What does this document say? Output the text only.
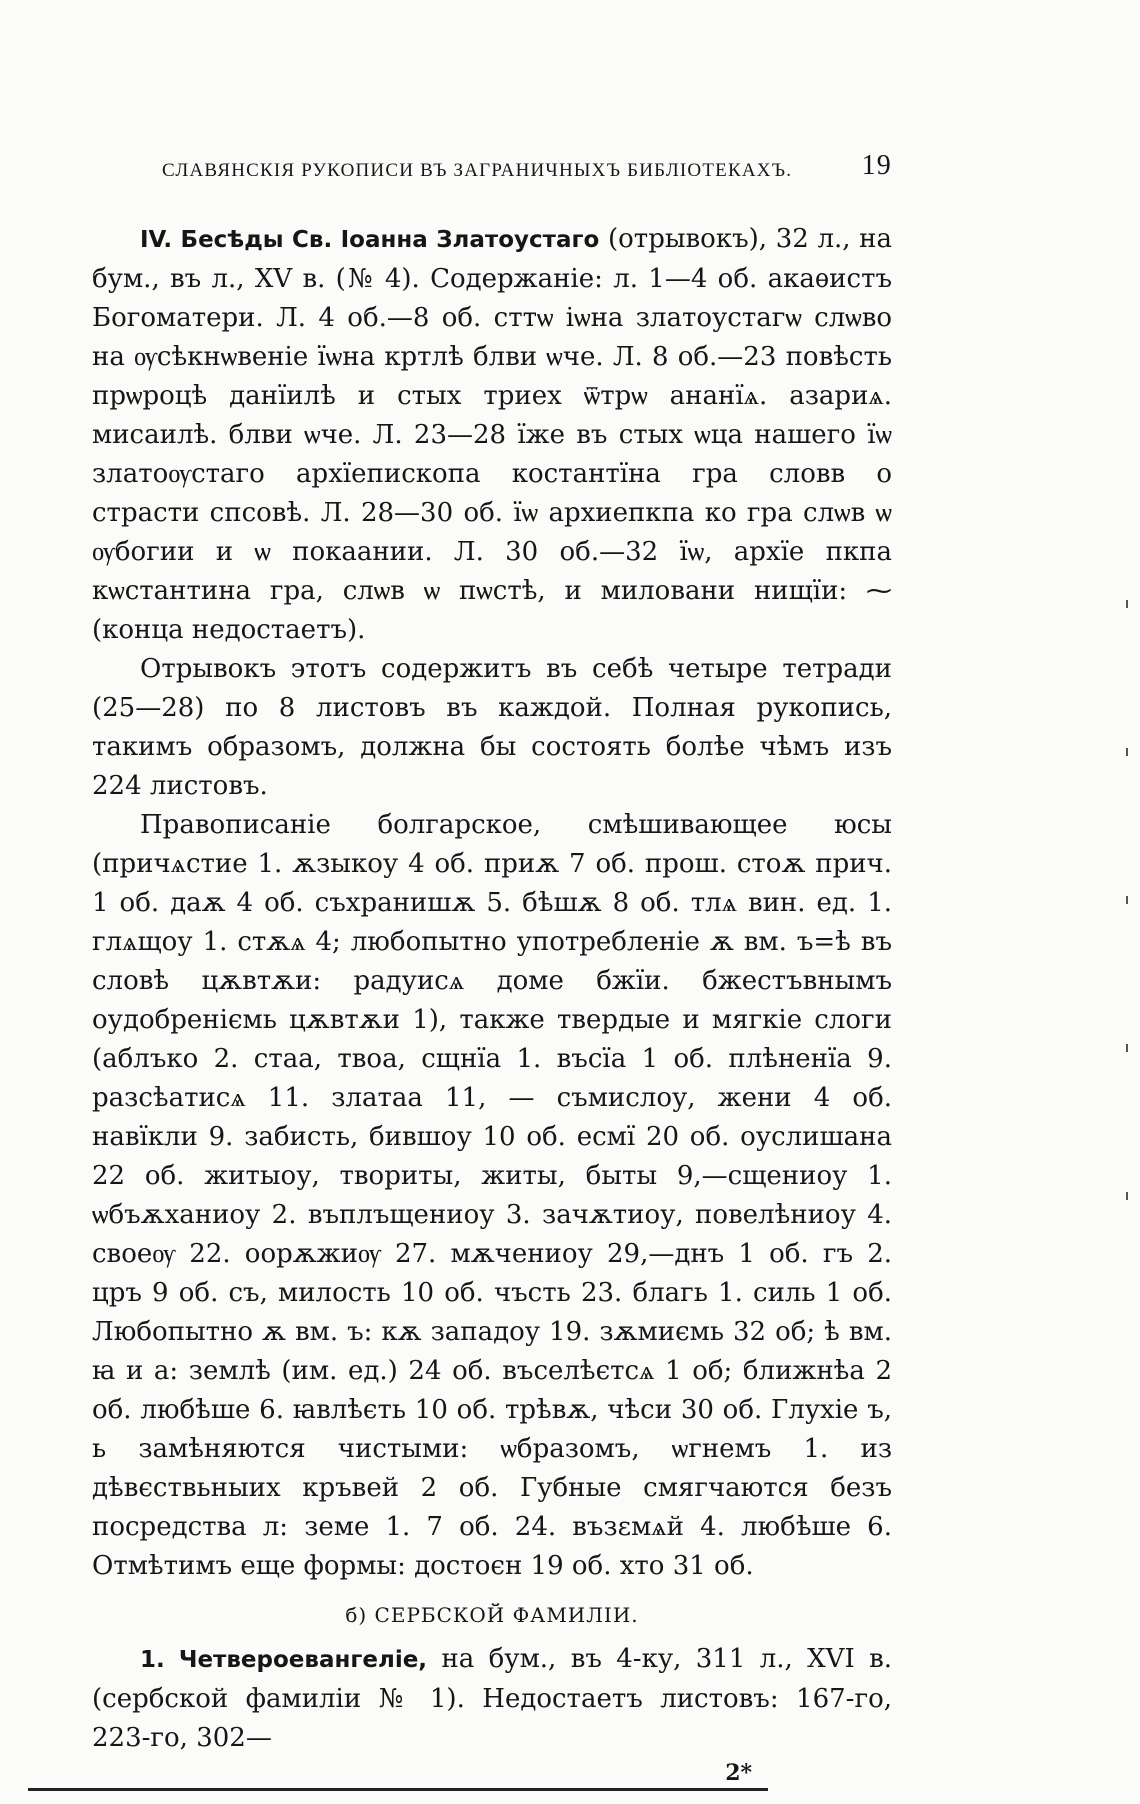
СЛАВЯНСКІЯ РУКОПИСИ ВЪ ЗАГРАНИЧНЫХЪ БИБЛІОТЕКАХЪ. 19

IV. Бесѣды Св. Іоанна Златоустаго (отрывокъ), 32 л., на бум., въ л., XV в. (№ 4). Содержаніе: л. 1—4 об. акаѳистъ Богоматери. Л. 4 об.—8 об. сттѡ іѡна златоустагѡ слѡво на ѹсѣкнѡвеніе їѡна кртлѣ блви ѡче. Л. 8 об.—23 повѣсть прѡроцѣ данїилѣ и стых триех ѿтрѡ ананїѧ. азариѧ. мисаилѣ. блви ѡче. Л. 23—28 їже въ стых ѡца нашего їѡ златоѹстаго архїепископа костантїна гра словв о страсти спсовѣ. Л. 28—30 об. їѡ архиепкпа ко гра слѡв ѡ ѹбогии и ѡ покаании. Л. 30 об.—32 їѡ, архїе пкпа кѡстантина гра, слѡв ѡ пѡстѣ, и миловани нищїи: ⁓ (конца недостаетъ).

Отрывокъ этотъ содержитъ въ себѣ четыре тетради (25—28) по 8 листовъ въ каждой. Полная рукопись, такимъ образомъ, должна бы состоять болѣе чѣмъ изъ 224 листовъ.

Правописаніе болгарское, смѣшивающее юсы (причѧстие 1. ѫзыкоу 4 об. приѫ 7 об. прош. стоѫ прич. 1 об. даѫ 4 об. съхранишѫ 5. бѣшѫ 8 об. тлѧ вин. ед. 1. глѧщоу 1. стѫѧ 4; любопытно употребленіе ѫ вм. ъ=ѣ въ словѣ цѫвтѫи: радуисѧ доме бжїи. бжестъвнымъ оудобреніємь цѫвтѫи 1), также твердые и мягкіе слоги (аблъко 2. стаа, твоа, сщнїа 1. въсїа 1 об. плѣненїа 9. разсѣатисѧ 11. златаа 11, — съмислоу, жени 4 об. навїкли 9. забисть, бившоу 10 об. есмї 20 об. оуслишана 22 об. житыоу, твориты, житы, быты 9,—сщениоу 1. ѡбъѫханиоу 2. въплъщениоу 3. зачѫтиоу, повелѣниоу 4. своеѹ 22. оорѫжиѹ 27. мѫчениоу 29,—днъ 1 об. гъ 2. цръ 9 об. съ, милость 10 об. чъсть 23. благь 1. силь 1 об. Любопытно ѫ вм. ъ: кѫ западоу 19. зѫмиємь 32 об; ѣ вм. ꙗ и а: землѣ (им. ед.) 24 об. въселѣєтсѧ 1 об; ближнѣа 2 об. любѣше 6. ꙗвлѣєть 10 об. трѣвѫ, чѣси 30 об. Глухіе ъ, ь замѣняются чистыми: ѡбразомъ, ѡгнемъ 1. из дѣвєствьныих кръвей 2 об. Губные смягчаются безъ посредства л: земе 1. 7 об. 24. възεмѧй 4. любѣше 6. Отмѣтимъ еще формы: достоєн 19 об. хто 31 об.

б) СЕРБСКОЙ ФАМИЛІИ.

1. Четвероевангеліе, на бум., въ 4-ку, 311 л., XVI в. (сербской фамиліи № 1). Недостаетъ листовъ: 167-го, 223-го, 302—

2*
